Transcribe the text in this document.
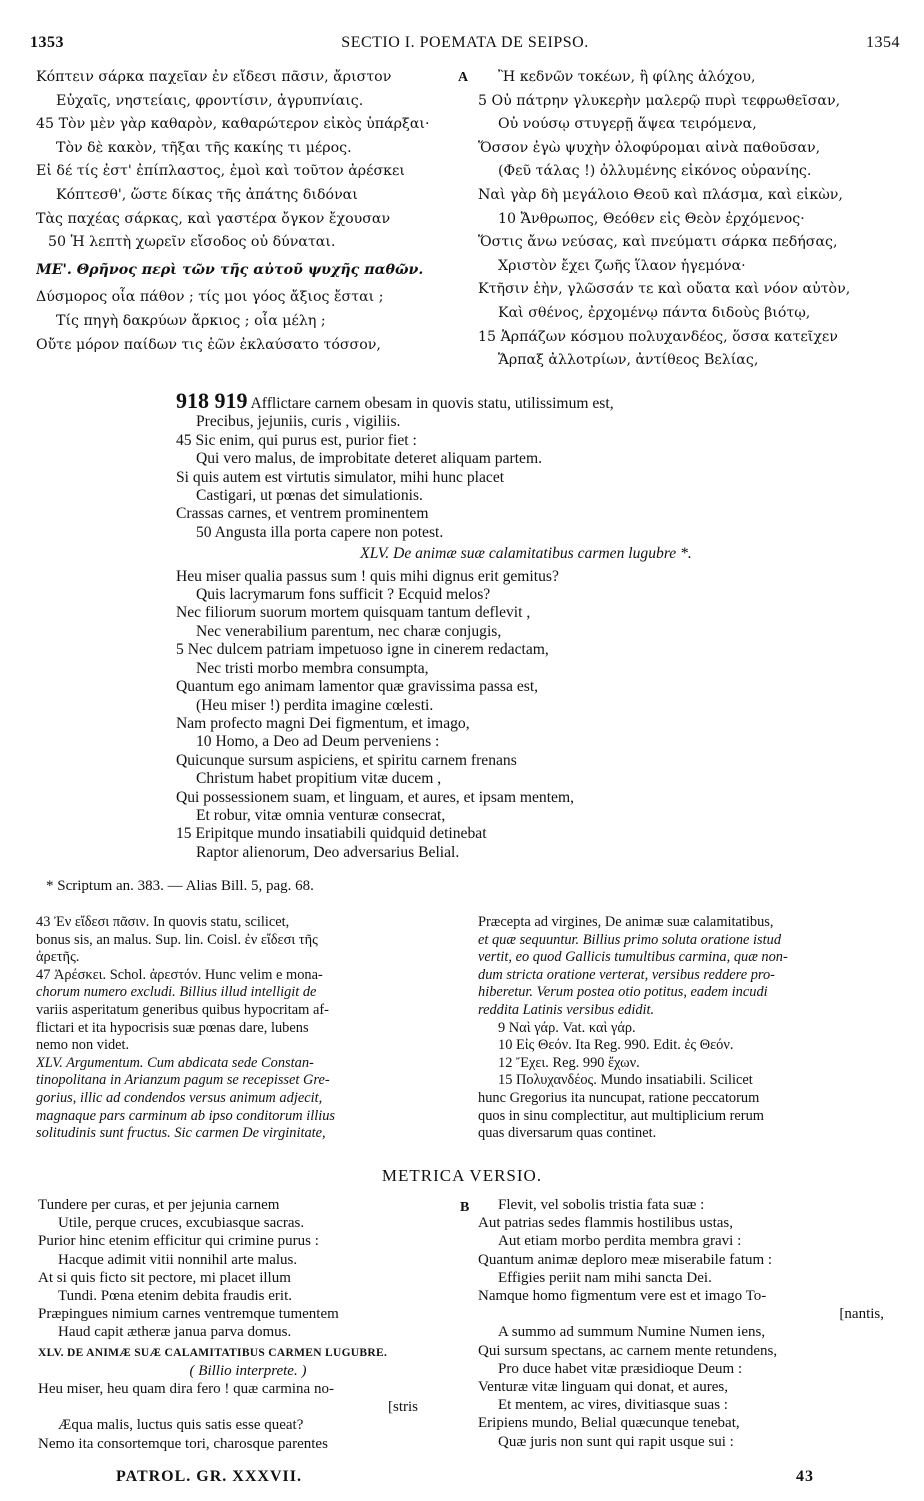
1353	SECTIO I. POEMATA DE SEIPSO.	1354
Κόπτειν σάρκα παχεῖαν ἐν εἴδεσι πᾶσιν, ἄριστον
Εὐχαῖς, νηστείαις, φροντίσιν, ἀγρυπνίαις.
45 Τὸν μὲν γὰρ καθαρὸν, καθαρώτερον εἰκὸς ὑπάρξαι·
Τὸν δὲ κακὸν, τῆξαι τῆς κακίης τι μέρος.
Εἰ δέ τίς ἐστ' ἐπίπλαστος, ἐμοὶ καὶ τοῦτον ἀρέσκει
Κόπτεσθ', ὥστε δίκας τῆς ἀπάτης διδόναι
Τὰς παχέας σάρκας, καὶ γαστέρα ὄγκον ἔχουσαν
50 Ἡ λεπτὴ χωρεῖν εἴσοδος οὐ δύναται.
ΜΕ'. Θρῆνος περὶ τῶν τῆς αὐτοῦ ψυχῆς παθῶν.
Δύσμορος οἷα πάθον ; τίς μοι γόος ἄξιος ἔσται ;
Τίς πηγὴ δακρύων ἄρκιος ; οἷα μέλη ;
Οὔτε μόρον παίδων τις ἑῶν ἐκλαύσατο τόσσον,
A	Ἢ κεδνῶν τοκέων, ἢ φίλης ἀλόχου,
5 Οὐ πάτρην γλυκερὴν μαλερῷ πυρὶ τεφρωθεῖσαν,
Οὐ νούσῳ στυγερῇ ἅψεα τειρόμενα,
Ὅσσον ἐγὼ ψυχὴν ὀλοφύρομαι αἰνὰ παθοῦσαν,
(Φεῦ τάλας !) ὀλλυμένης εἰκόνος οὐρανίης.
Ναὶ γὰρ δὴ μεγάλοιο Θεοῦ καὶ πλάσμα, καὶ εἰκὼν,
10 Ἄνθρωπος, Θεόθεν εἰς Θεὸν ἐρχόμενος·
Ὅστις ἄνω νεύσας, καὶ πνεύματι σάρκα πεδήσας,
Χριστὸν ἔχει ζωῆς ἵλαον ἡγεμόνα·
Κτῆσιν ἑὴν, γλῶσσάν τε καὶ οὔατα καὶ νόον αὐτὸν,
Καὶ σθένος, ἐρχομένῳ πάντα διδοὺς βιότῳ,
15 Ἁρπάζων κόσμου πολυχανδέος, ὅσσα κατεῖχεν
Ἅρπαξ ἀλλοτρίων, ἀντίθεος Βελίας,
918 919 Afflictare carnem obesam in quovis statu, utilissimum est,
Precibus, jejuniis, curis , vigiliis.
45 Sic enim, qui purus est, purior fiet :
Qui vero malus, de improbitate deteret aliquam partem.
Si quis autem est virtutis simulator, mihi hunc placet
Castigari, ut pœnas det simulationis.
Crassas carnes, et ventrem prominentem
50 Angusta illa porta capere non potest.
XLV. De animæ suæ calamitatibus carmen lugubre *.
Heu miser qualia passus sum ! quis mihi dignus erit gemitus?
Quis lacrymarum fons sufficit ? Ecquid melos?
Nec filiorum suorum mortem quisquam tantum deflevit ,
Nec venerabilium parentum, nec charæ conjugis,
5 Nec dulcem patriam impetuoso igne in cinerem redactam,
Nec tristi morbo membra consumpta,
Quantum ego animam lamentor quæ gravissima passa est,
(Heu miser !) perdita imagine cœlesti.
Nam profecto magni Dei figmentum, et imago,
10 Homo, a Deo ad Deum perveniens :
Quicunque sursum aspiciens, et spiritu carnem frenans
Christum habet propitium vitæ ducem ,
Qui possessionem suam, et linguam, et aures, et ipsam mentem,
Et robur, vitæ omnia venturæ consecrat,
15 Eripitque mundo insatiabili quidquid detinebat
Raptor alienorum, Deo adversarius Belial.
* Scriptum an. 383. — Alias Bill. 5, pag. 68.
43 Ἐν εἴδεσι πᾶσιν. In quovis statu, scilicet,
bonus sis, an malus. Sup. lin. Coisl. ἐν εἴδεσι τῆς
ἀρετῆς.
47 Ἀρέσκει. Schol. ἀρεστόν. Hunc velim e mona-
chorum numero excludi. Billius illud intelligit de
variis asperitatum generibus quibus hypocritam af-
flictari et ita hypocrisis suæ pœnas dare, lubens
nemo non videt.
XLV. Argumentum. Cum abdicata sede Constan-
tinopolitana in Arianzum pagum se recepisset Gre-
gorius, illic ad condendos versus animum adjecit,
magnaque pars carminum ab ipso conditorum illius
solitudinis sunt fructus. Sic carmen De virginitate,
Præcepta ad virgines, De animæ suæ calamitatibus,
et quæ sequuntur. Billius primo soluta oratione istud
vertit, eo quod Gallicis tumultibus carmina, quæ non-
dum stricta oratione verterat, versibus reddere pro-
hiberetur. Verum postea otio potitus, eadem incudi
reddita Latinis versibus edidit.
9 Ναὶ γάρ. Vat. καὶ γάρ.
10 Εἰς Θεόν. Ita Reg. 990. Edit. ἐς Θεόν.
12 Ἔχει. Reg. 990 ἔχων.
15 Πολυχανδέος. Mundo insatiabili. Scilicet
hunc Gregorius ita nuncupat, ratione peccatorum
quos in sinu complectitur, aut multiplicium rerum
quas diversarum quas continet.
METRICA VERSIO.
B
Tundere per curas, et per jejunia carnem
Utile, perque cruces, excubiasque sacras.
Purior hinc etenim efficitur qui crimine purus :
Hacque adimit vitii nonnihil arte malus.
At si quis ficto sit pectore, mi placet illum
Tundi. Pœna etenim debita fraudis erit.
Præpingues nimium carnes ventremque tumentem
Haud capit ætheræ janua parva domus.
XLV. DE ANIMÆ SUÆ CALAMITATIBUS CARMEN LUGUBRE.
( Billio interprete. )
Heu miser, heu quam dira fero ! quæ carmina no-
[stris
Æqua malis, luctus quis satis esse queat?
Nemo ita consortemque tori, charosque parentes
Flevit, vel sobolis tristia fata suæ :
Aut patrias sedes flammis hostilibus ustas,
Aut etiam morbo perdita membra gravi :
Quantum animæ deploro meæ miserabile fatum :
Effigies periit nam mihi sancta Dei.
Namque homo figmentum vere est et imago To-
[nantis,
A summo ad summum Numine Numen iens,
Qui sursum spectans, ac carnem mente retundens,
Pro duce habet vitæ præsidioque Deum :
Venturæ vitæ linguam qui donat, et aures,
Et mentem, ac vires, divitiasque suas :
Eripiens mundo, Belial quæcunque tenebat,
Quæ juris non sunt qui rapit usque sui :
PATROL. GR. XXXVII.	43
